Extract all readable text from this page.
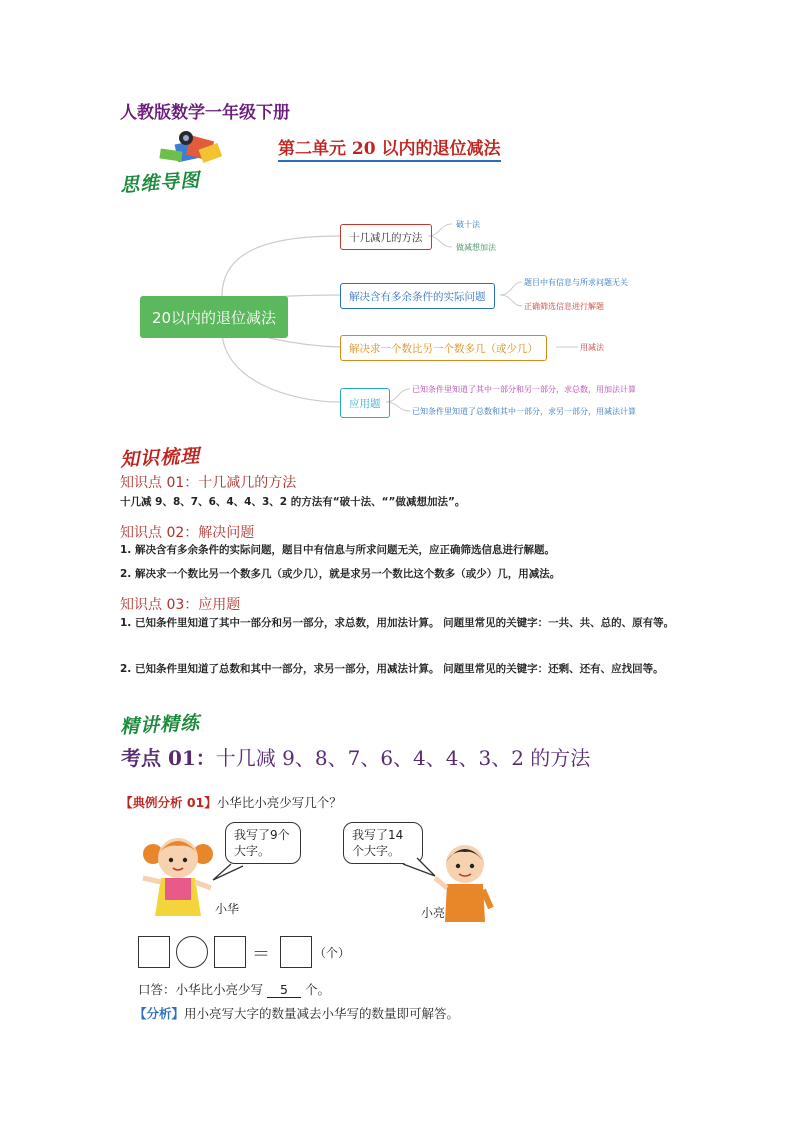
人教版数学一年级下册
第二单元 20 以内的退位减法
思维导图
20以内的退位减法
十几减几的方法
破十法
做减想加法
解决含有多余条件的实际问题
题目中有信息与所求问题无关
正确筛选信息进行解题
解决求一个数比另一个数多几（或少几）	用减法
应用题
已知条件里知道了其中一部分和另一部分，求总数，用加法计算
已知条件里知道了总数和其中一部分，求另一部分，用减法计算
知识梳理
知识点 01：十几减几的方法
十几减 9、8、7、6、4、4、3、2 的方法有“破十法、“”做减想加法”。
知识点 02：解决问题
1. 解决含有多余条件的实际问题，题目中有信息与所求问题无关，应正确筛选信息进行解题。
2. 解决求一个数比另一个数多几（或少几），就是求另一个数比这个数多（或少）几，用减法。
知识点 03：应用题
1. 已知条件里知道了其中一部分和另一部分，求总数，用加法计算。 问题里常见的关键字：一共、共、总的、原有等。
2. 已知条件里知道了总数和其中一部分，求另一部分，用减法计算。 问题里常见的关键字：还剩、还有、应找回等。
精讲精练
考点 01：十几减 9、8、7、6、4、4、3、2 的方法
【典例分析 01】小华比小亮少写几个？
我写了9个大字。
我写了14个大字。
小华	小亮
＝	（个）
口答：小华比小亮少写 5 个。
【分析】用小亮写大字的数量减去小华写的数量即可解答。
